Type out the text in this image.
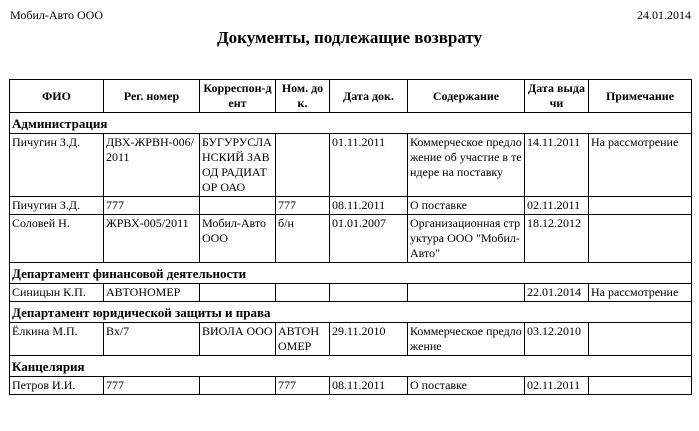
Мобил-Авто ООО	24.01.2014
Документы, подлежащие возврату
ФИО	Рег. номер	Корреспон-дент	Ном. док.	Дата док.	Содержание	Дата выдачи	Примечание
Администрация							
Пичугин З.Д.	ДВХ-ЖРВН-006/2011	БУГУРУСЛАНСКИЙ ЗАВОД РАДИАТОР ОАО		01.11.2011	Коммерческое предложение об участие в тендере на поставку	14.11.2011	На рассмотрение
Пичугин З.Д.	777		777	08.11.2011	О поставке	02.11.2011	
Соловей Н.	ЖРВХ-005/2011	Мобил-Авто ООО	б/н	01.01.2007	Организационная структура ООО "Мобил-Авто"	18.12.2012	
Департамент финансовой деятельности							
Синицын К.П.	АВТОНОМЕР					22.01.2014	На рассмотрение
Департамент юридической защиты и права							
Ёлкина М.П.	Вх/7	ВИОЛА ООО	АВТОНОМЕР	29.11.2010	Коммерческое предложение	03.12.2010	
Канцелярия							
Петров И.И.	777		777	08.11.2011	О поставке	02.11.2011	
